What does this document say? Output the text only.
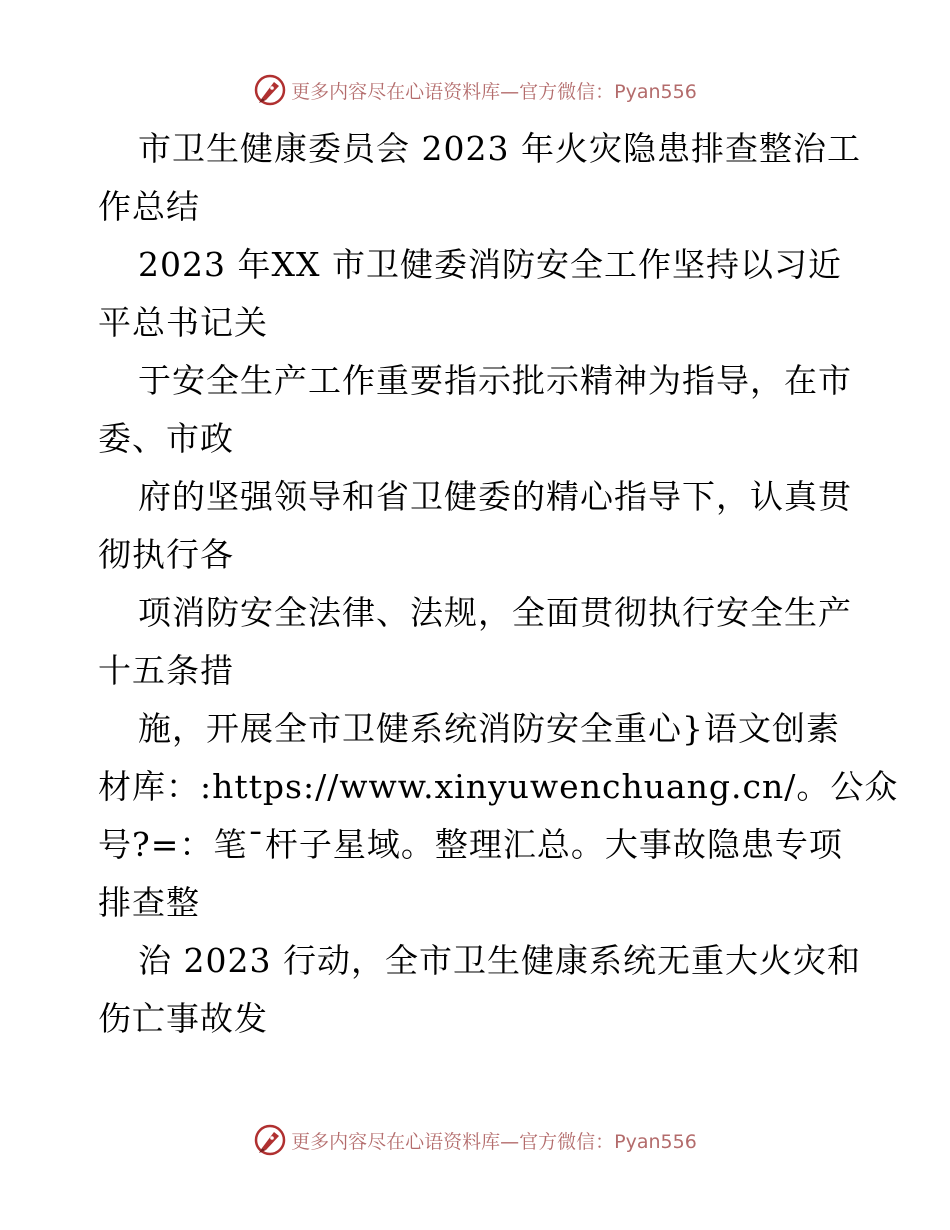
更多内容尽在心语资料库—官方微信：Pyan556
市卫生健康委员会 2023 年火灾隐患排查整治工
作总结
2023 年XX 市卫健委消防安全工作坚持以习近
平总书记关
于安全生产工作重要指示批示精神为指导，在市
委、市政
府的坚强领导和省卫健委的精心指导下，认真贯
彻执行各
项消防安全法律、法规，全面贯彻执行安全生产
十五条措
施，开展全市卫健系统消防安全重心}语文创素
材库：:https://www.xinyuwenchuang.cn/。公众
号?=：笔¯杆子星域。整理汇总。大事故隐患专项
排查整
治 2023 行动，全市卫生健康系统无重大火灾和
伤亡事故发
更多内容尽在心语资料库—官方微信：Pyan556
